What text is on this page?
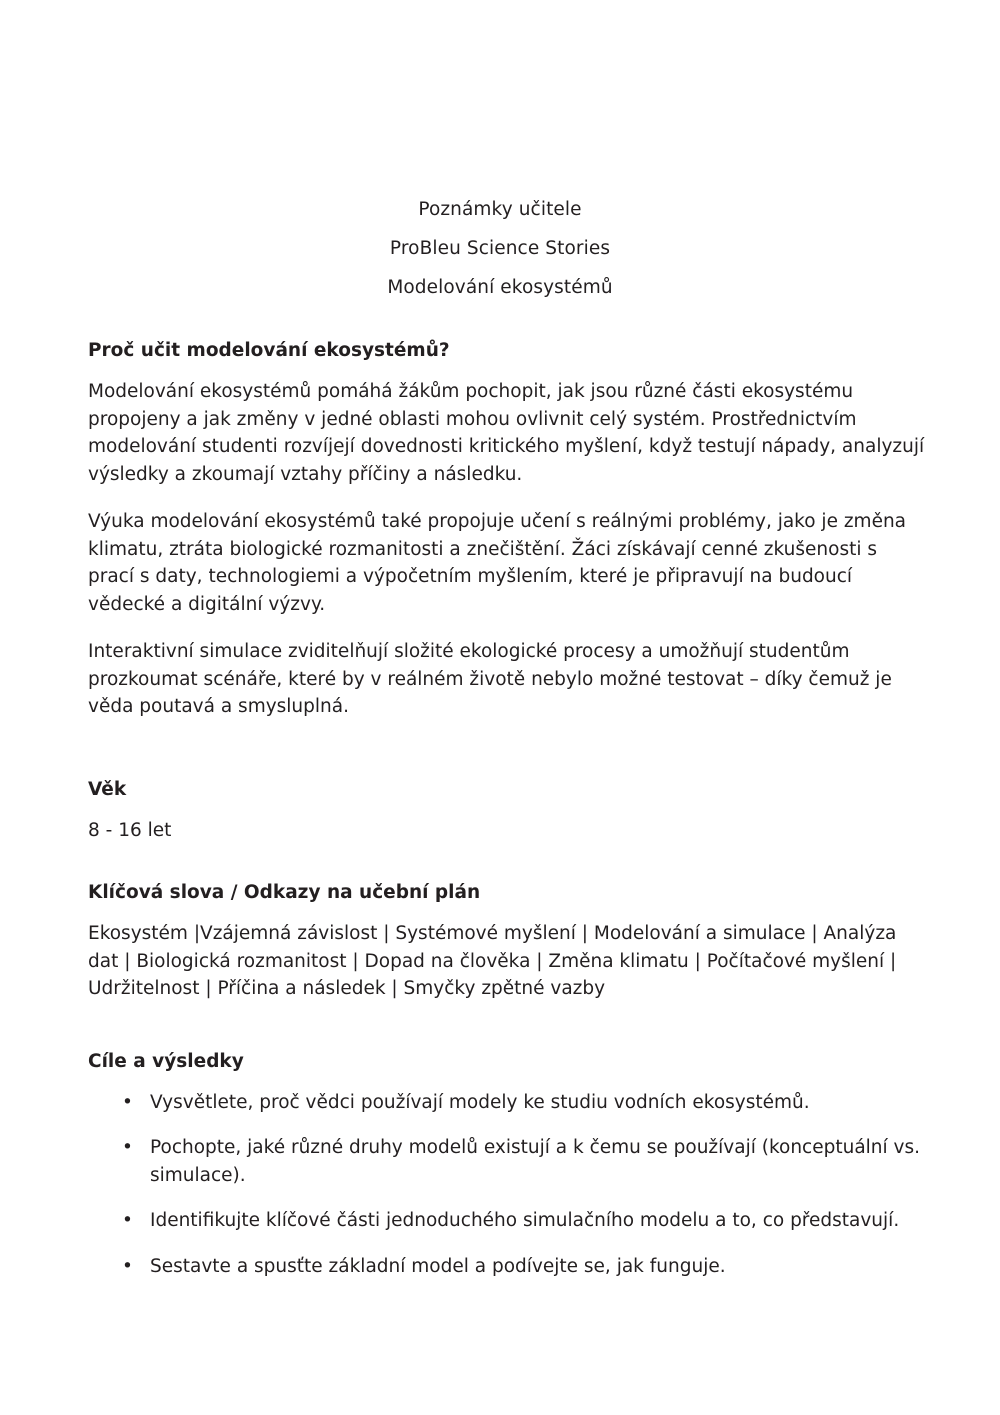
Poznámky učitele
ProBleu Science Stories
Modelování ekosystémů
Proč učit modelování ekosystémů?

Modelování ekosystémů pomáhá žákům pochopit, jak jsou různé části ekosystému propojeny a jak změny v jedné oblasti mohou ovlivnit celý systém. Prostřednictvím modelování studenti rozvíjejí dovednosti kritického myšlení, když testují nápady, analyzují výsledky a zkoumají vztahy příčiny a následku.

Výuka modelování ekosystémů také propojuje učení s reálnými problémy, jako je změna klimatu, ztráta biologické rozmanitosti a znečištění. Žáci získávají cenné zkušenosti s prací s daty, technologiemi a výpočetním myšlením, které je připravují na budoucí vědecké a digitální výzvy.

Interaktivní simulace zviditelňují složité ekologické procesy a umožňují studentům prozkoumat scénáře, které by v reálném životě nebylo možné testovat – díky čemuž je věda poutavá a smysluplná.

Věk

8 - 16 let

Klíčová slova / Odkazy na učební plán

Ekosystém |Vzájemná závislost | Systémové myšlení | Modelování a simulace | Analýza dat | Biologická rozmanitost | Dopad na člověka | Změna klimatu | Počítačové myšlení | Udržitelnost | Příčina a následek | Smyčky zpětné vazby

Cíle a výsledky
• Vysvětlete, proč vědci používají modely ke studiu vodních ekosystémů.
• Pochopte, jaké různé druhy modelů existují a k čemu se používají (konceptuální vs. simulace).
• Identifikujte klíčové části jednoduchého simulačního modelu a to, co představují.
• Sestavte a spusťte základní model a podívejte se, jak funguje.
